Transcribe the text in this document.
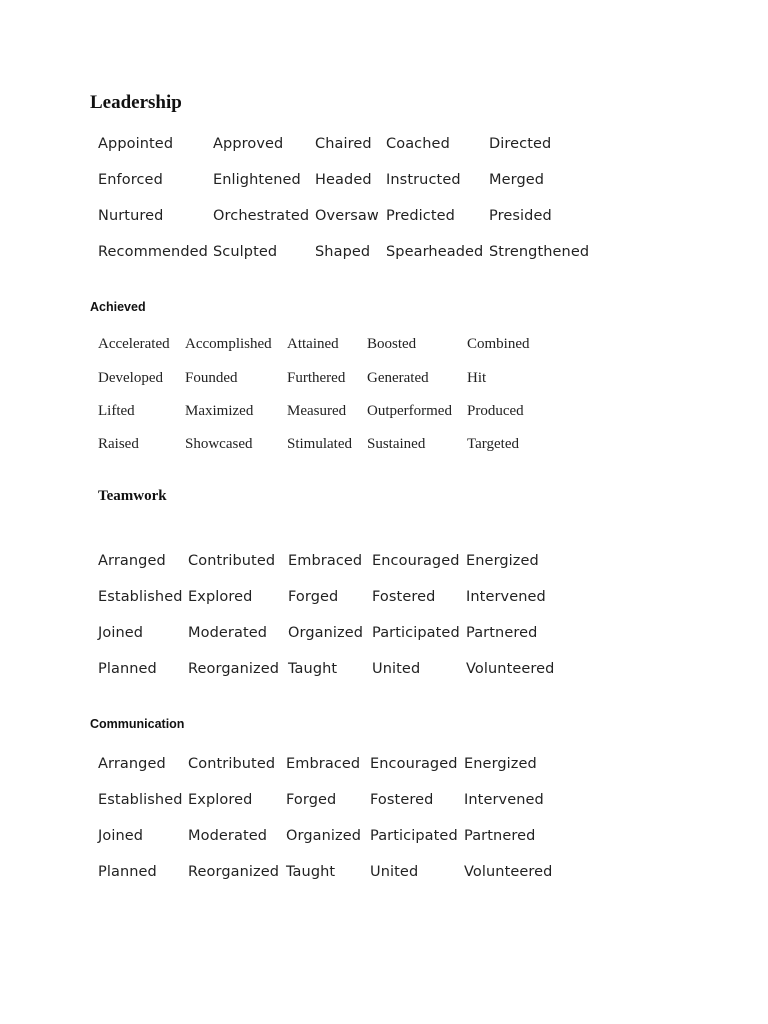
Leadership
Appointed	Approved Chaired Coached	Directed
Enforced	Enlightened Headed Instructed Merged
Nurtured	Orchestrated Oversaw Predicted Presided
Recommended Sculpted	Shaped Spearheaded Strengthened
Achieved
Accelerated Accomplished Attained Boosted	Combined
Developed Founded	Furthered Generated	Hit
Lifted	Maximized Measured Outperformed Produced
Raised	Showcased Stimulated Sustained	Targeted
Teamwork
Arranged Contributed Embraced Encouraged Energized
Established Explored Forged Fostered Intervened
Joined	Moderated Organized Participated Partnered
Planned Reorganized Taught United	Volunteered
Communication
Arranged Contributed Embraced Encouraged Energized
Established Explored Forged Fostered Intervened
Joined	Moderated Organized Participated Partnered
Planned Reorganized Taught United	Volunteered
